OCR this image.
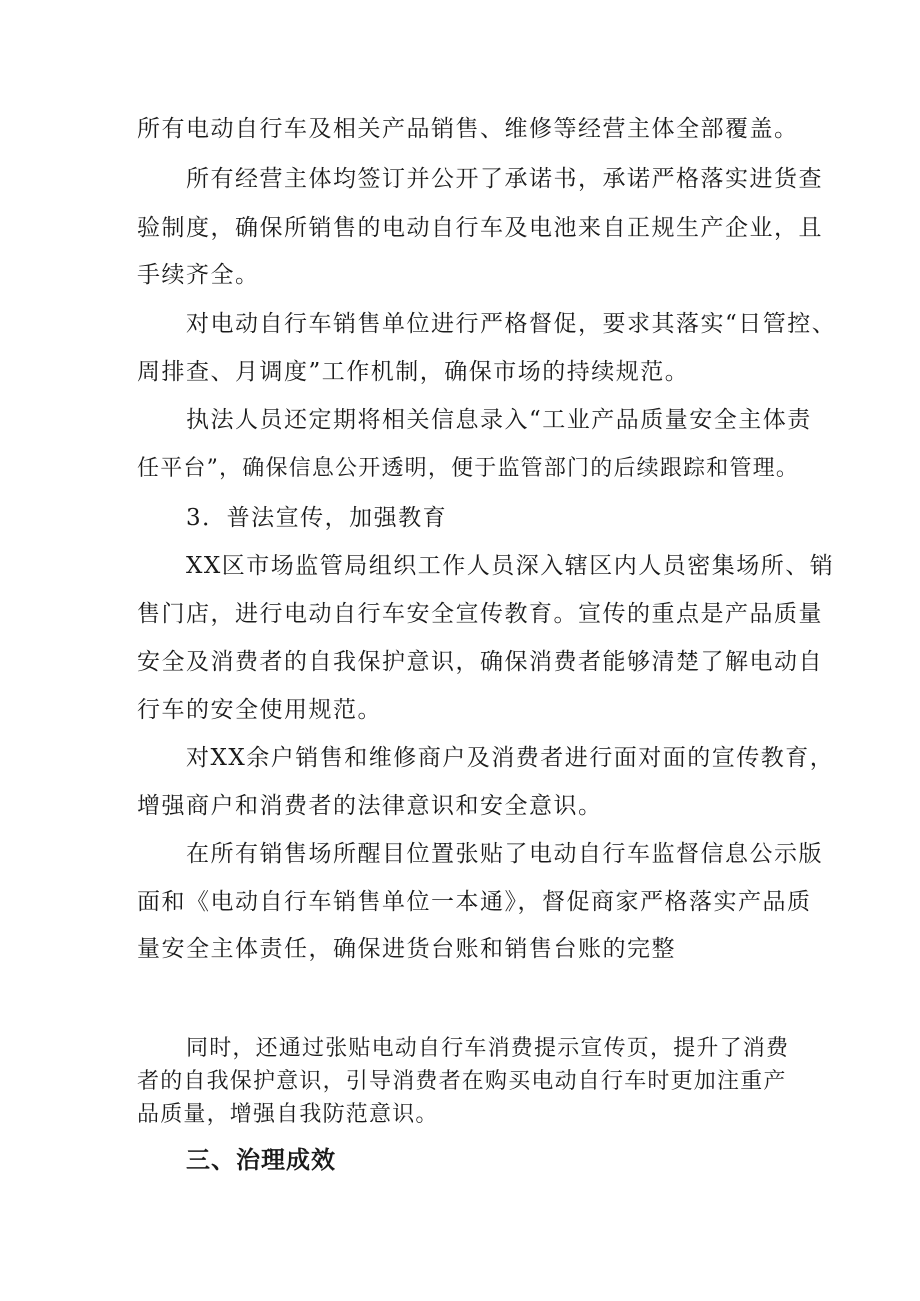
所有电动自行车及相关产品销售、维修等经营主体全部覆盖。
所有经营主体均签订并公开了承诺书，承诺严格落实进货查
验制度，确保所销售的电动自行车及电池来自正规生产企业，且
手续齐全。
对电动自行车销售单位进行严格督促，要求其落实“日管控、
周排查、月调度”工作机制，确保市场的持续规范。
执法人员还定期将相关信息录入“工业产品质量安全主体责
任平台”，确保信息公开透明，便于监管部门的后续跟踪和管理。
3．普法宣传，加强教育
XX区市场监管局组织工作人员深入辖区内人员密集场所、销
售门店，进行电动自行车安全宣传教育。宣传的重点是产品质量
安全及消费者的自我保护意识，确保消费者能够清楚了解电动自
行车的安全使用规范。
对XX余户销售和维修商户及消费者进行面对面的宣传教育，
增强商户和消费者的法律意识和安全意识。
在所有销售场所醒目位置张贴了电动自行车监督信息公示版
面和《电动自行车销售单位一本通》，督促商家严格落实产品质
量安全主体责任，确保进货台账和销售台账的完整
同时，还通过张贴电动自行车消费提示宣传页，提升了消费
者的自我保护意识，引导消费者在购买电动自行车时更加注重产
品质量，增强自我防范意识。
三、治理成效
